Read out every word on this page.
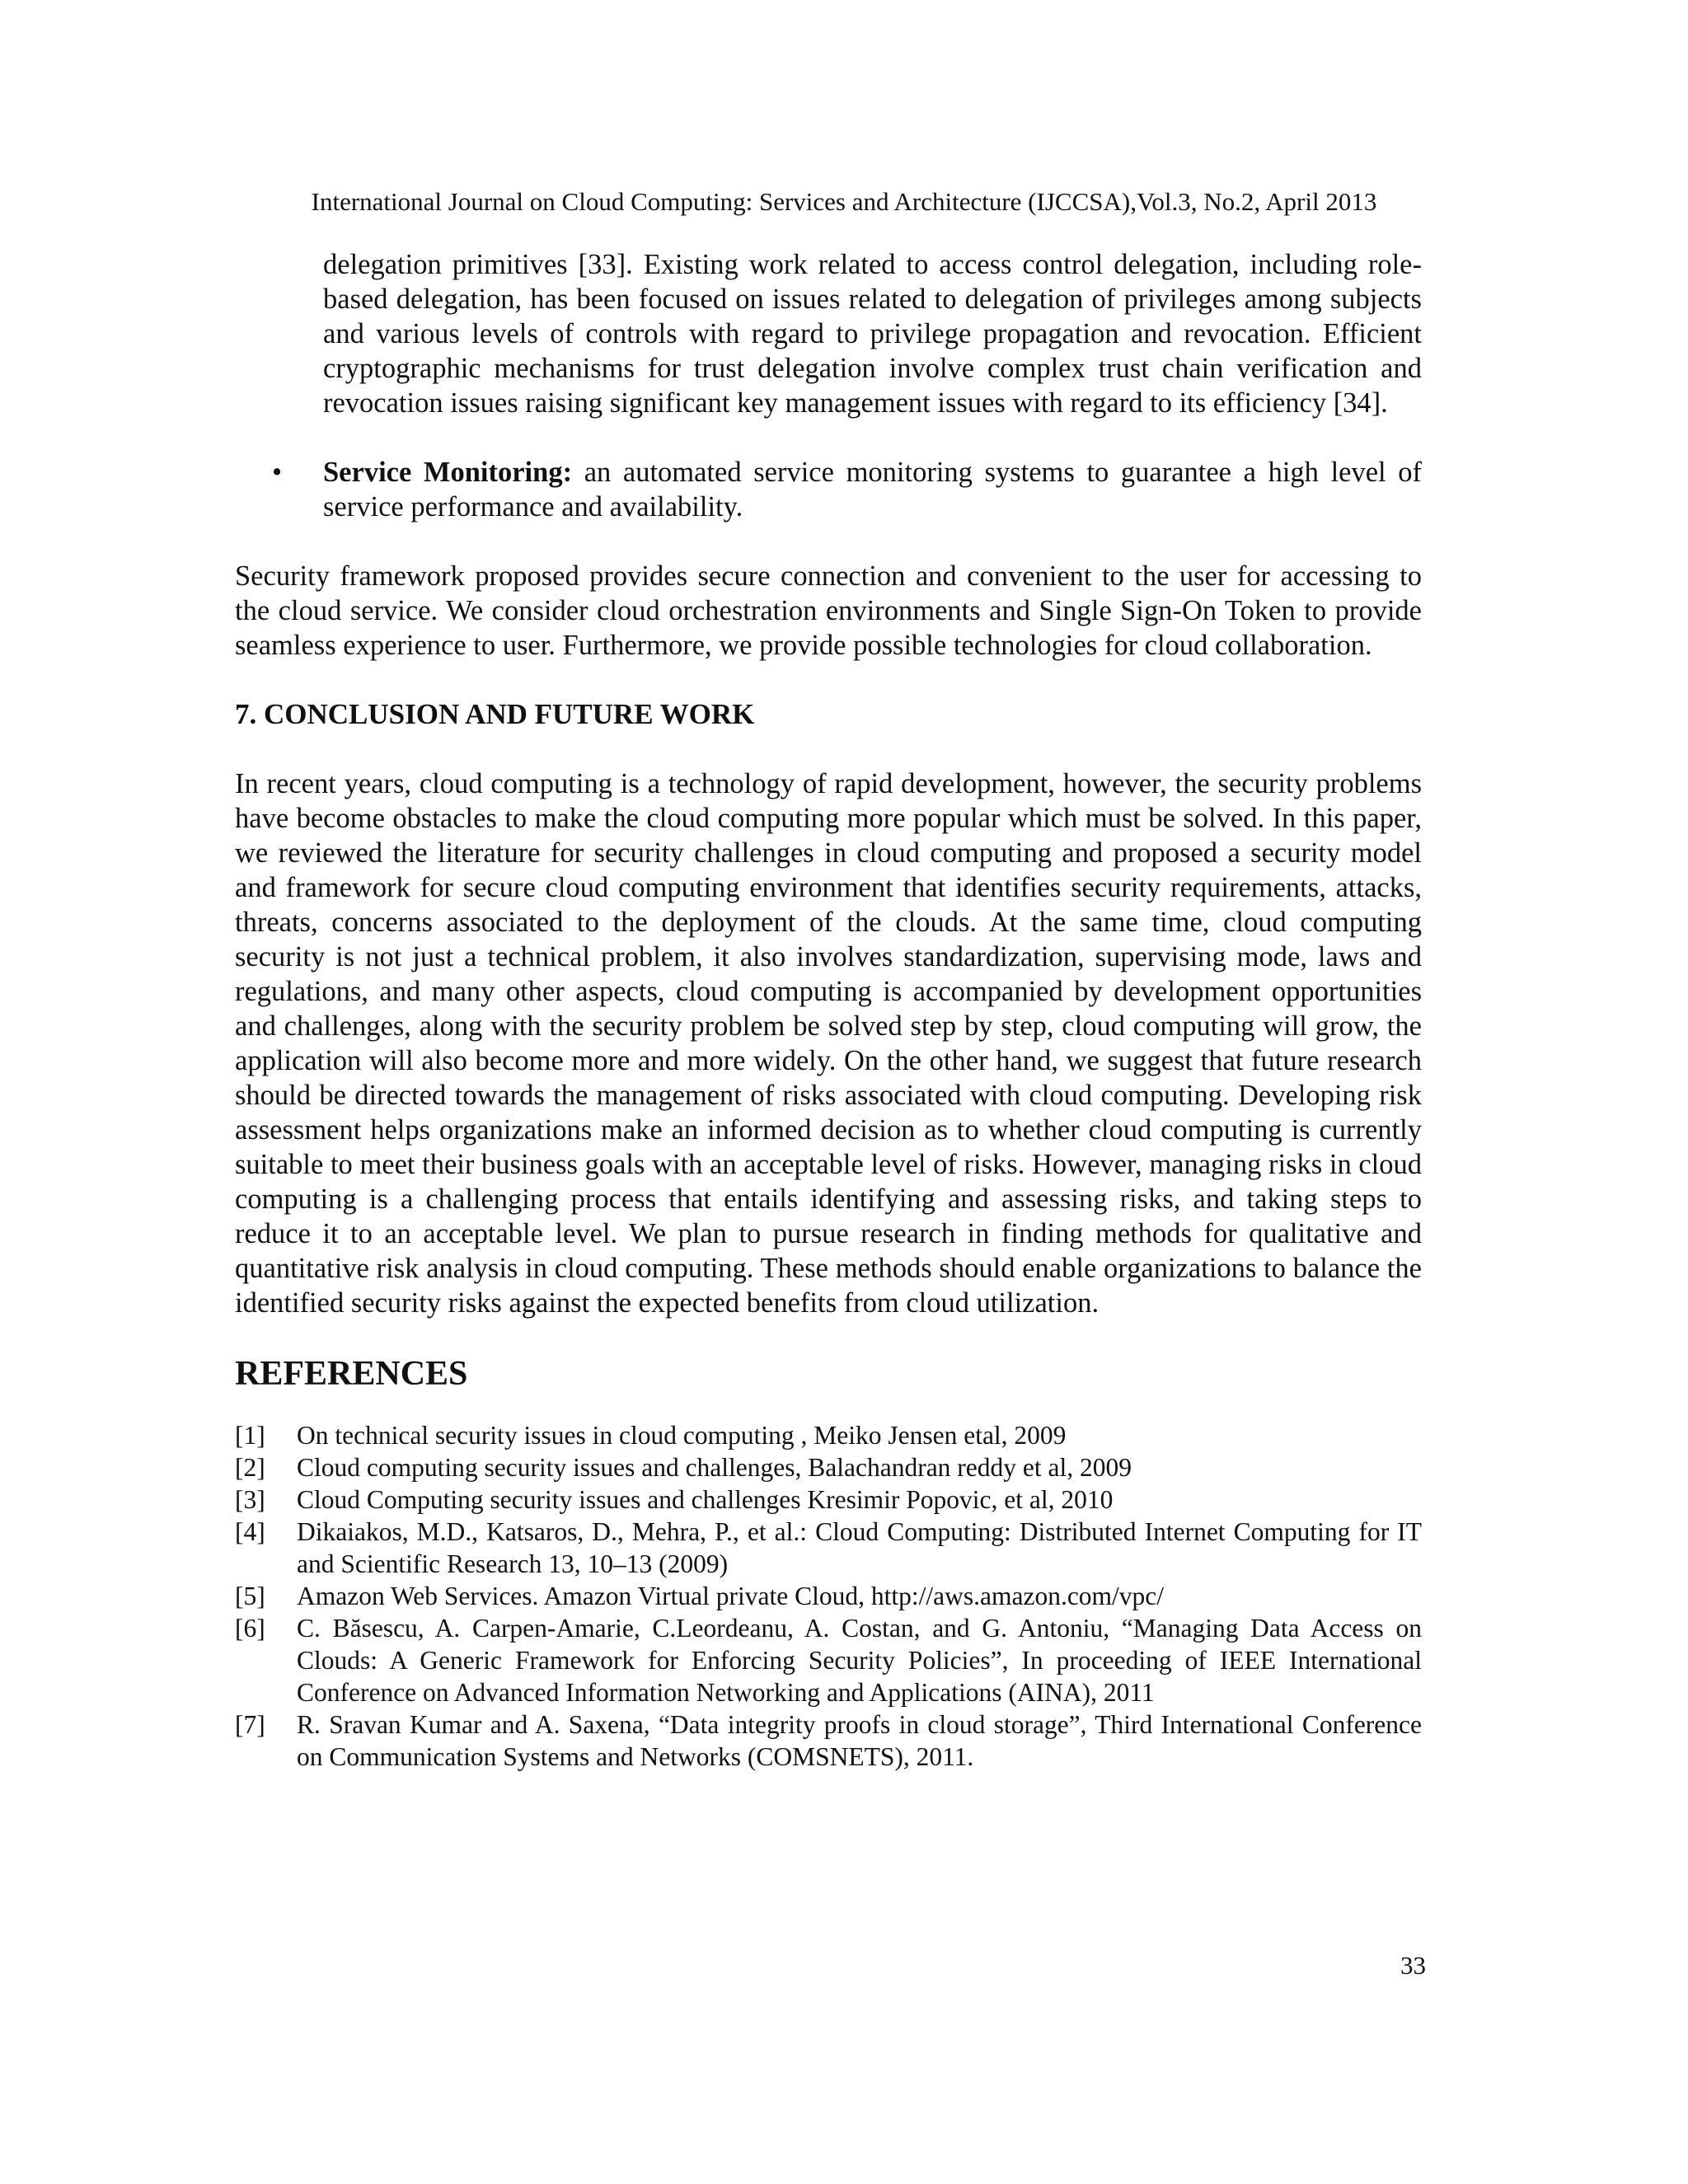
International Journal on Cloud Computing: Services and Architecture (IJCCSA),Vol.3, No.2, April 2013

delegation primitives [33]. Existing work related to access control delegation, including role-based delegation, has been focused on issues related to delegation of privileges among subjects and various levels of controls with regard to privilege propagation and revocation. Efficient cryptographic mechanisms for trust delegation involve complex trust chain verification and revocation issues raising significant key management issues with regard to its efficiency [34].

•	Service Monitoring: an automated service monitoring systems to guarantee a high level of service performance and availability.

Security framework proposed provides secure connection and convenient to the user for accessing to the cloud service. We consider cloud orchestration environments and Single Sign-On Token to provide seamless experience to user. Furthermore, we provide possible technologies for cloud collaboration.

7. CONCLUSION AND FUTURE WORK

In recent years, cloud computing is a technology of rapid development, however, the security problems have become obstacles to make the cloud computing more popular which must be solved. In this paper, we reviewed the literature for security challenges in cloud computing and proposed a security model and framework for secure cloud computing environment that identifies security requirements, attacks, threats, concerns associated to the deployment of the clouds. At the same time, cloud computing security is not just a technical problem, it also involves standardization, supervising mode, laws and regulations, and many other aspects, cloud computing is accompanied by development opportunities and challenges, along with the security problem be solved step by step, cloud computing will grow, the application will also become more and more widely. On the other hand, we suggest that future research should be directed towards the management of risks associated with cloud computing. Developing risk assessment helps organizations make an informed decision as to whether cloud computing is currently suitable to meet their business goals with an acceptable level of risks. However, managing risks in cloud computing is a challenging process that entails identifying and assessing risks, and taking steps to reduce it to an acceptable level. We plan to pursue research in finding methods for qualitative and quantitative risk analysis in cloud computing. These methods should enable organizations to balance the identified security risks against the expected benefits from cloud utilization.

REFERENCES
[1]	On technical security issues in cloud computing , Meiko Jensen etal, 2009
[2]	Cloud computing security issues and challenges, Balachandran reddy et al, 2009
[3]	Cloud Computing security issues and challenges Kresimir Popovic, et al, 2010
[4]	Dikaiakos, M.D., Katsaros, D., Mehra, P., et al.: Cloud Computing: Distributed Internet Computing for IT and Scientific Research 13, 10–13 (2009)
[5]	Amazon Web Services. Amazon Virtual private Cloud, http://aws.amazon.com/vpc/
[6]	C. Băsescu, A. Carpen-Amarie, C.Leordeanu, A. Costan, and G. Antoniu, “Managing Data Access on Clouds: A Generic Framework for Enforcing Security Policies”, In proceeding of IEEE International Conference on Advanced Information Networking and Applications (AINA), 2011
[7]	R. Sravan Kumar and A. Saxena, “Data integrity proofs in cloud storage”, Third International Conference on Communication Systems and Networks (COMSNETS), 2011.
33
